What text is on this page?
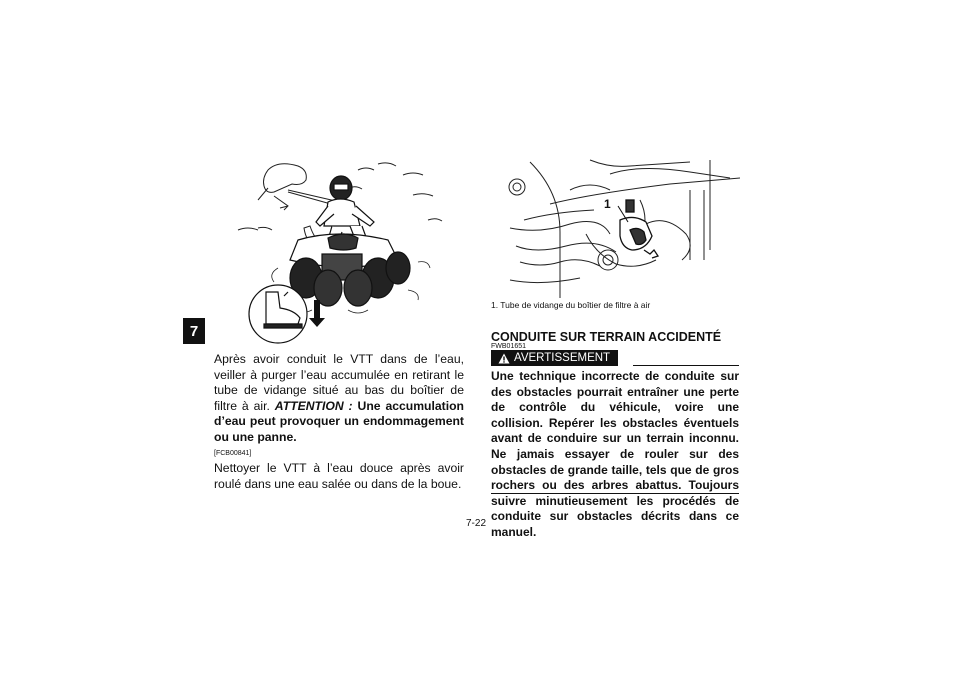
7
1
1. Tube de vidange du boîtier de filtre à air

Après avoir conduit le VTT dans de l’eau, veiller à purger l’eau accumulée en retirant le tube de vidange situé au bas du boîtier de filtre à air. ATTENTION : Une accumulation d’eau peut provoquer un endommagement ou une panne.

[FCB00841]

Nettoyer le VTT à l’eau douce après avoir roulé dans une eau salée ou dans de la boue.

CONDUITE SUR TERRAIN ACCIDENTÉ
FWB01651
AVERTISSEMENT
Une technique incorrecte de conduite sur des obstacles pourrait entraîner une perte de contrôle du véhicule, voire une collision. Repérer les obstacles éventuels avant de conduire sur un terrain inconnu. Ne jamais essayer de rouler sur des obstacles de grande taille, tels que de gros rochers ou des arbres abattus. Toujours suivre minutieusement les procédés de conduite sur obstacles décrits dans ce manuel.
7-22
